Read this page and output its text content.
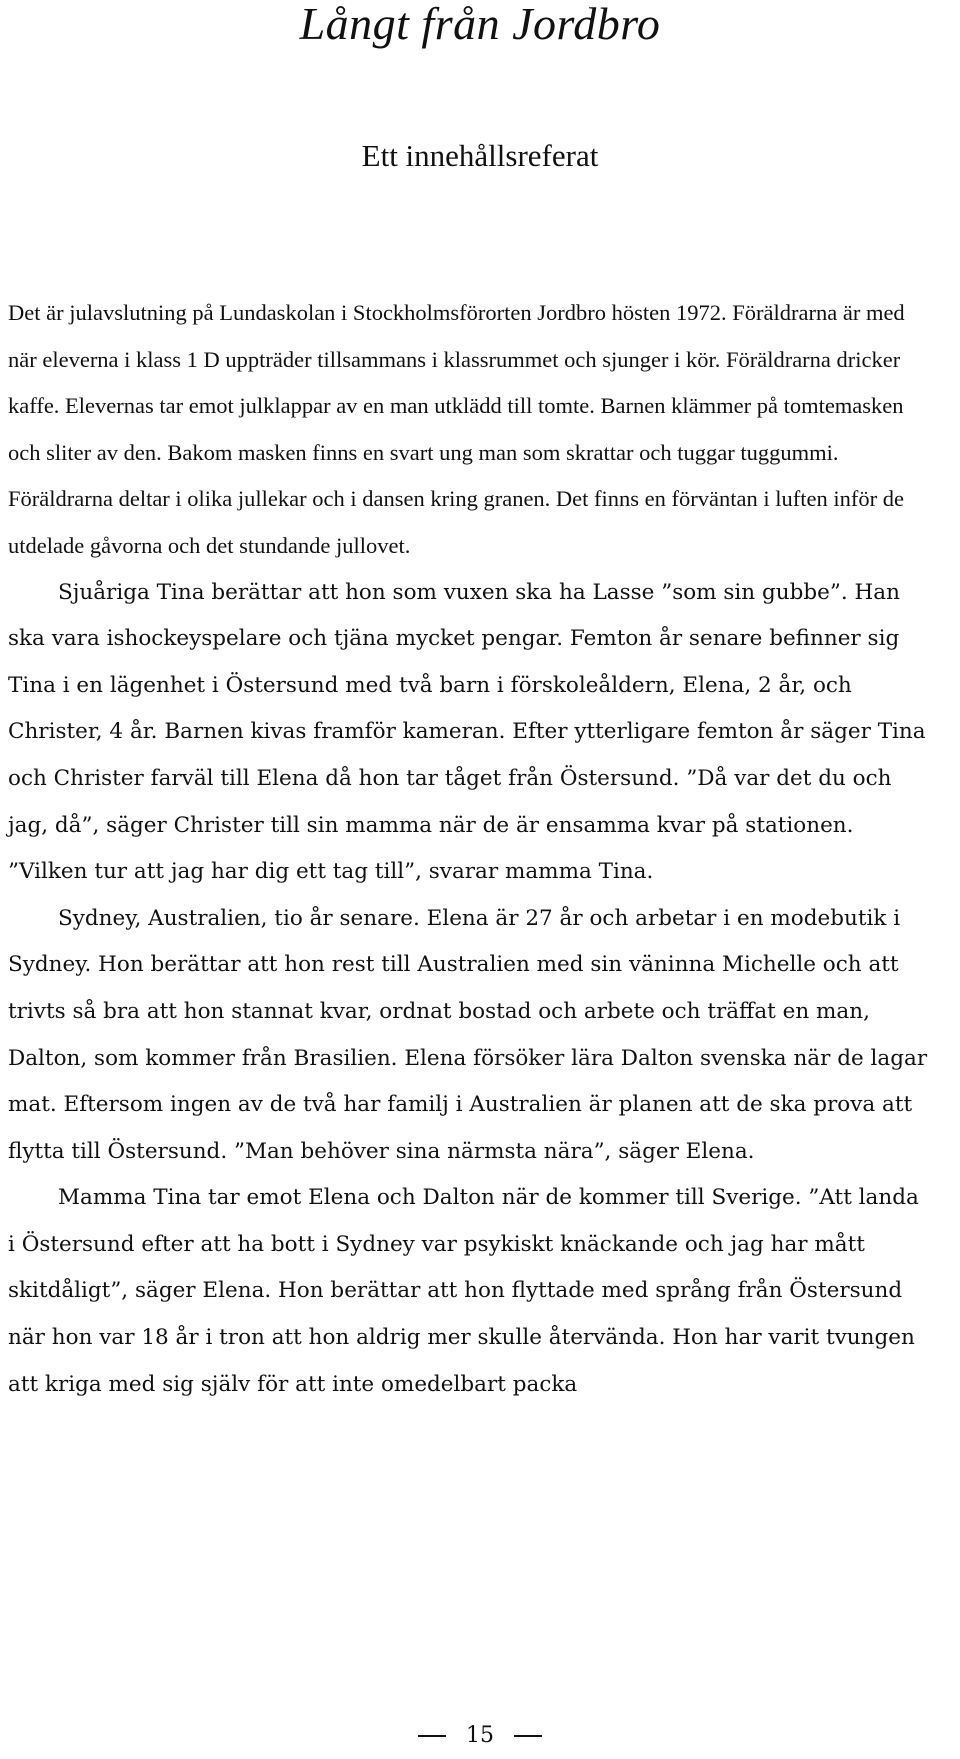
Långt från Jordbro
Ett innehållsreferat

Det är julavslutning på Lundaskolan i Stockholmsförorten Jordbro hösten 1972. Föräldrarna är med när eleverna i klass 1 D uppträder tillsammans i klassrummet och sjunger i kör. Föräldrarna dricker kaffe. Elevernas tar emot julklappar av en man utklädd till tomte. Barnen klämmer på tomtemasken och sliter av den. Bakom masken finns en svart ung man som skrattar och tuggar tuggummi. Föräldrarna deltar i olika jullekar och i dansen kring granen. Det finns en förväntan i luften inför de utdelade gåvorna och det stundande jullovet.

Sjuåriga Tina berättar att hon som vuxen ska ha Lasse ”som sin gubbe”. Han ska vara ishockeyspelare och tjäna mycket pengar. Femton år senare befinner sig Tina i en lägenhet i Östersund med två barn i förskoleåldern, Elena, 2 år, och Christer, 4 år. Barnen kivas framför kameran. Efter ytterligare femton år säger Tina och Christer farväl till Elena då hon tar tåget från Östersund. ”Då var det du och jag, då”, säger Christer till sin mamma när de är ensamma kvar på stationen. ”Vilken tur att jag har dig ett tag till”, svarar mamma Tina.

Sydney, Australien, tio år senare. Elena är 27 år och arbetar i en modebutik i Sydney. Hon berättar att hon rest till Australien med sin väninna Michelle och att trivts så bra att hon stannat kvar, ordnat bostad och arbete och träffat en man, Dalton, som kommer från Brasilien. Elena försöker lära Dalton svenska när de lagar mat. Eftersom ingen av de två har familj i Australien är planen att de ska prova att flytta till Östersund. ”Man behöver sina närmsta nära”, säger Elena.

Mamma Tina tar emot Elena och Dalton när de kommer till Sverige. ”Att landa i Östersund efter att ha bott i Sydney var psykiskt knäckande och jag har mått skitdåligt”, säger Elena. Hon berättar att hon flyttade med språng från Östersund när hon var 18 år i tron att hon aldrig mer skulle återvända. Hon har varit tvungen att kriga med sig själv för att inte omedelbart packa

15
